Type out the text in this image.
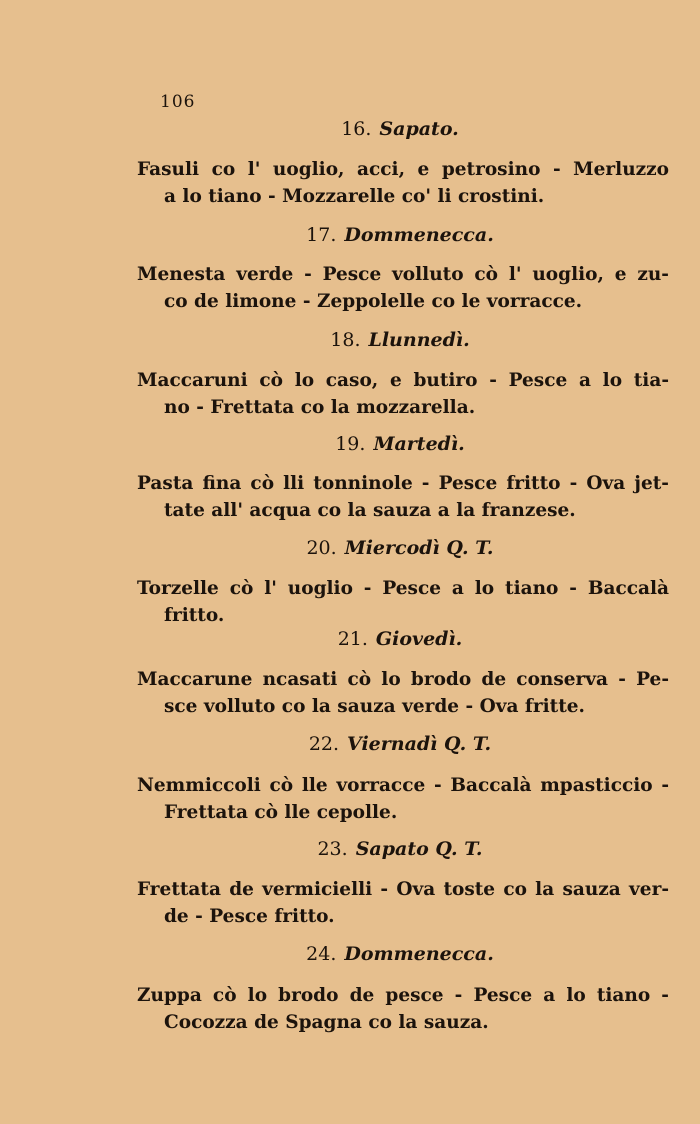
106
16. Sapato.
Fasuli co l' uoglio, acci, e petrosino - Merluzzo
a lo tiano - Mozzarelle co' li crostini.
17. Dommenecca.
Menesta verde - Pesce volluto cò l' uoglio, e zu-
co de limone - Zeppolelle co le vorracce.
18. Llunnedì.
Maccaruni cò lo caso, e butiro - Pesce a lo tia-
no - Frettata co la mozzarella.
19. Martedì.
Pasta fina cò lli tonninole - Pesce fritto - Ova jet-
tate all' acqua co la sauza a la franzese.
20. Miercodì Q. T.
Torzelle cò l' uoglio - Pesce a lo tiano - Baccalà
fritto.
21. Giovedì.
Maccarune ncasati cò lo brodo de conserva - Pe-
sce volluto co la sauza verde - Ova fritte.
22. Viernadì Q. T.
Nemmiccoli cò lle vorracce - Baccalà mpasticcio -
Frettata cò lle cepolle.
23. Sapato Q. T.
Frettata de vermicielli - Ova toste co la sauza ver-
de - Pesce fritto.
24. Dommenecca.
Zuppa cò lo brodo de pesce - Pesce a lo tiano -
Cocozza de Spagna co la sauza.
